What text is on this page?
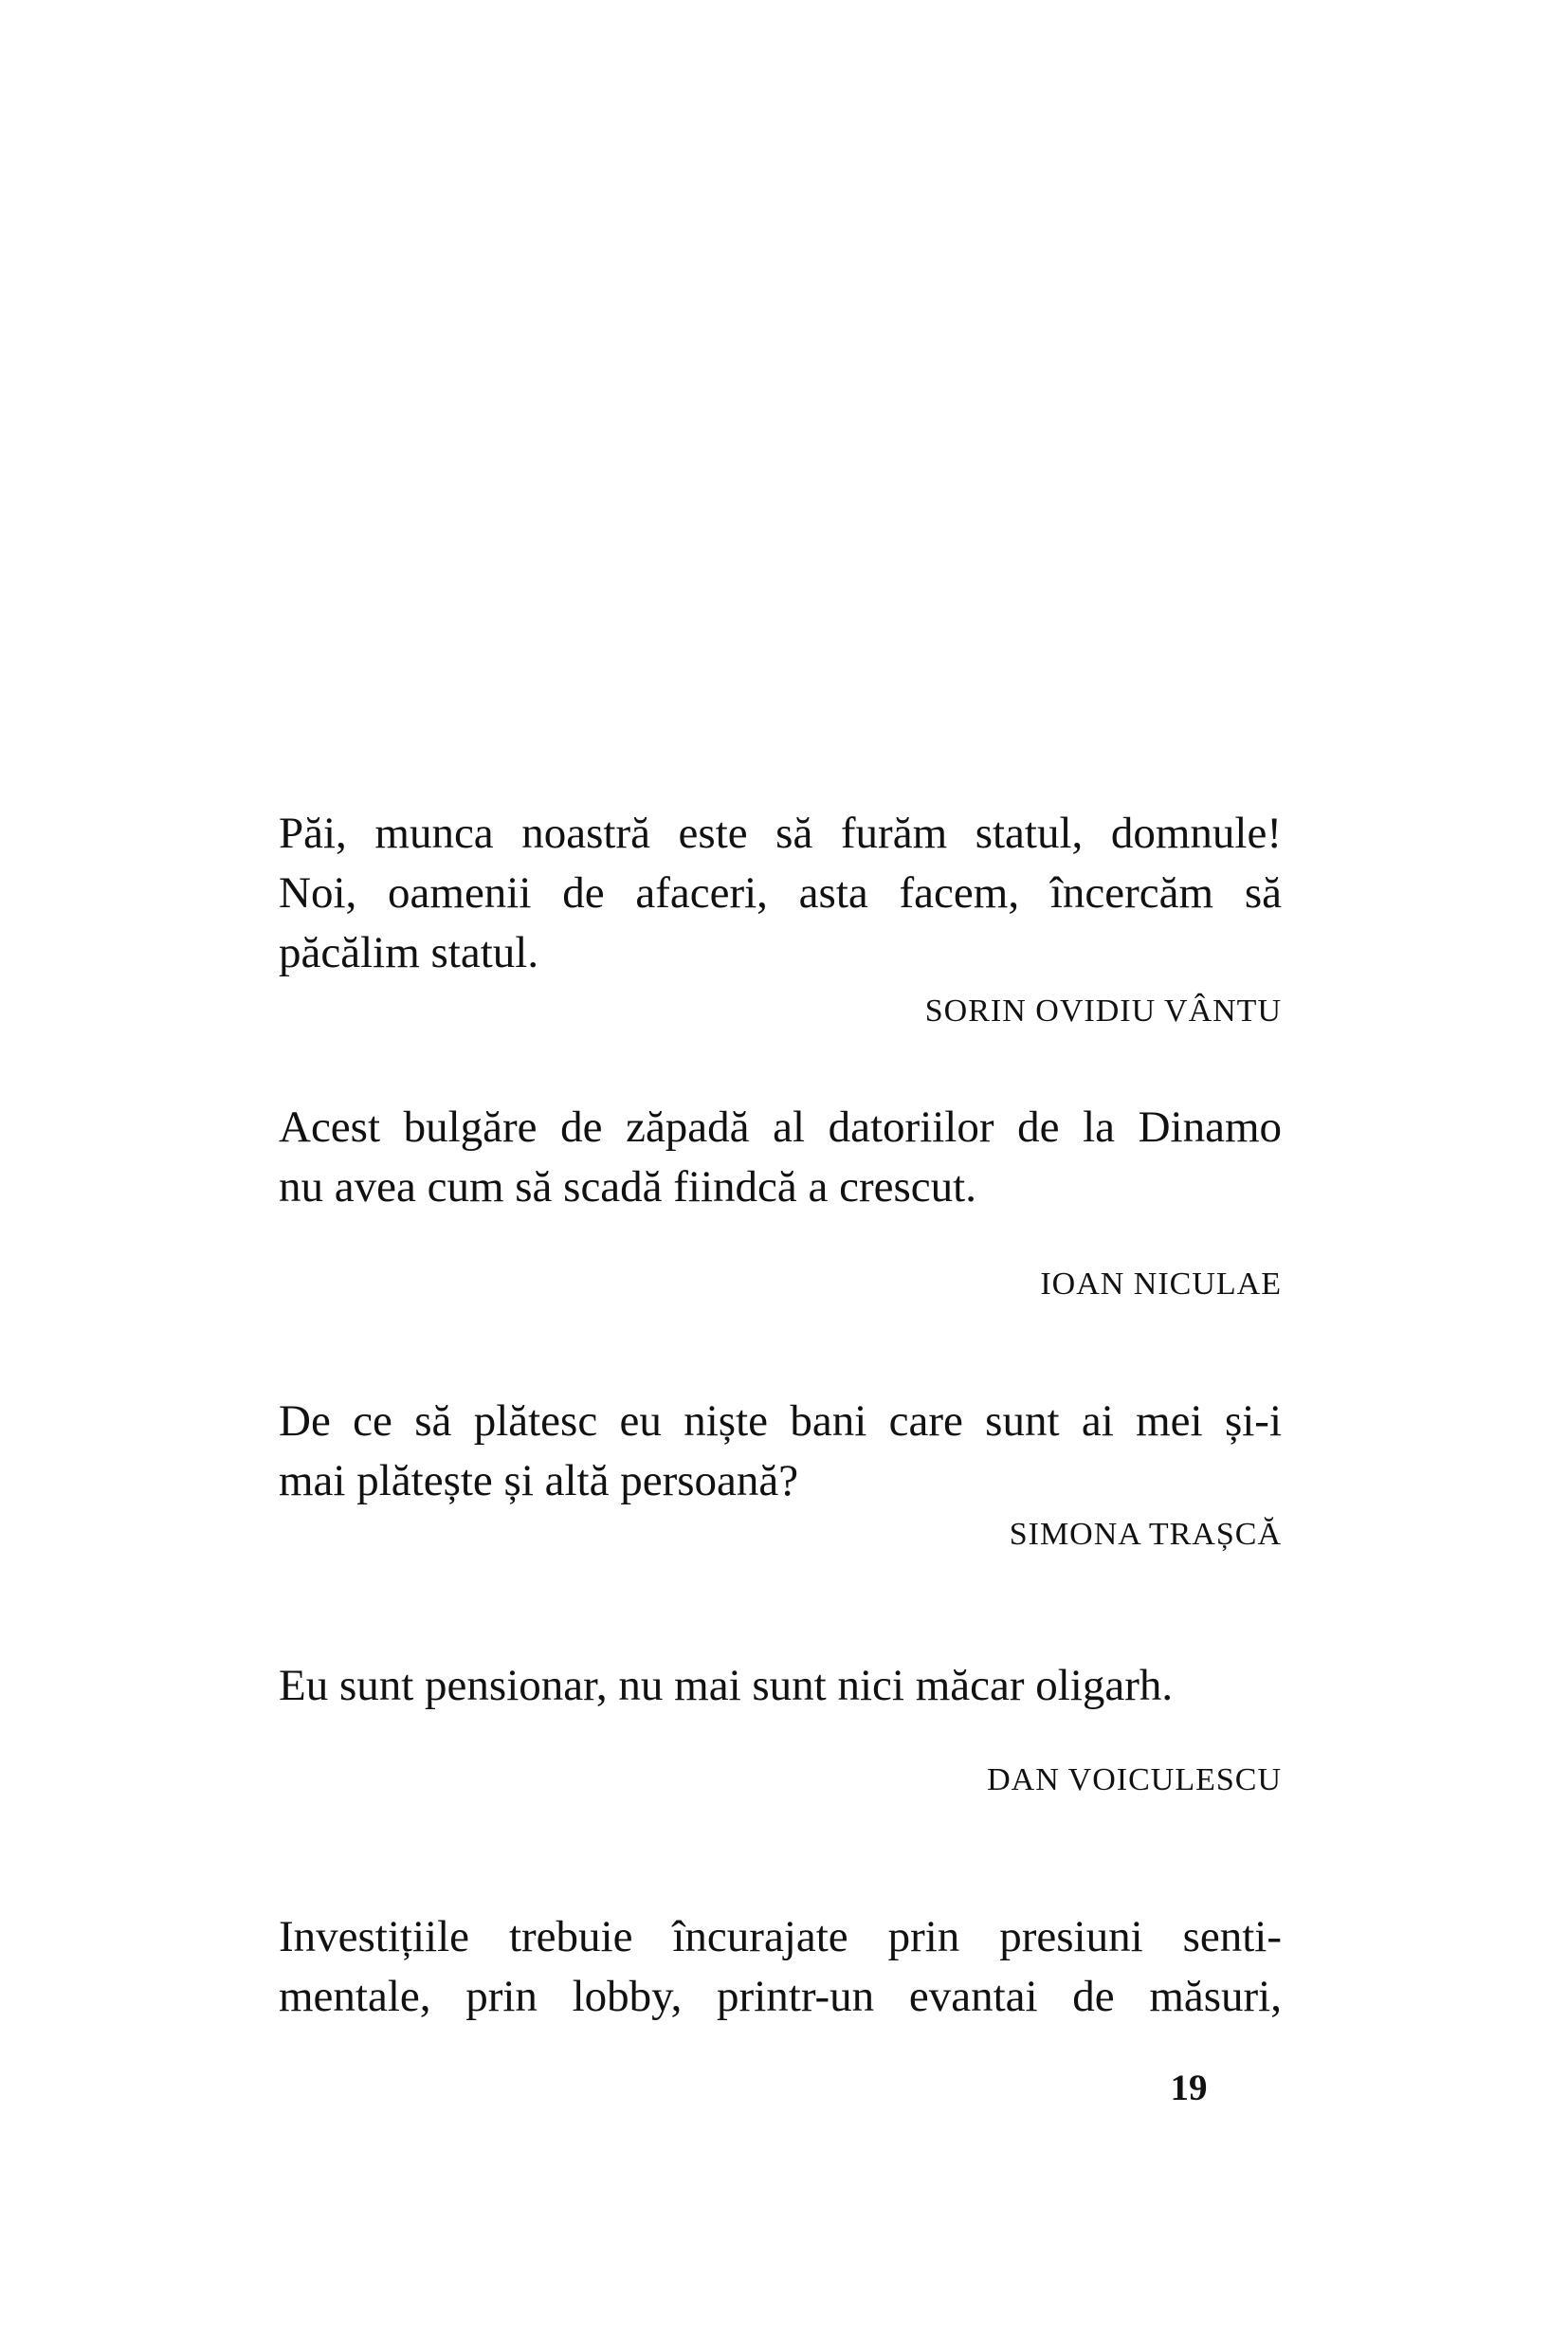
Păi, munca noastră este să furăm statul, domnule!
Noi, oamenii de afaceri, asta facem, încercăm să
păcălim statul.

SORIN OVIDIU VÂNTU

Acest bulgăre de zăpadă al datoriilor de la Dinamo
nu avea cum să scadă fiindcă a crescut.

IOAN NICULAE

De ce să plătesc eu niște bani care sunt ai mei și-i
mai plătește și altă persoană?

SIMONA TRAȘCĂ

Eu sunt pensionar, nu mai sunt nici măcar oligarh.

DAN VOICULESCU

Investițiile trebuie încurajate prin presiuni senti-
mentale, prin lobby, printr-un evantai de măsuri,

19
